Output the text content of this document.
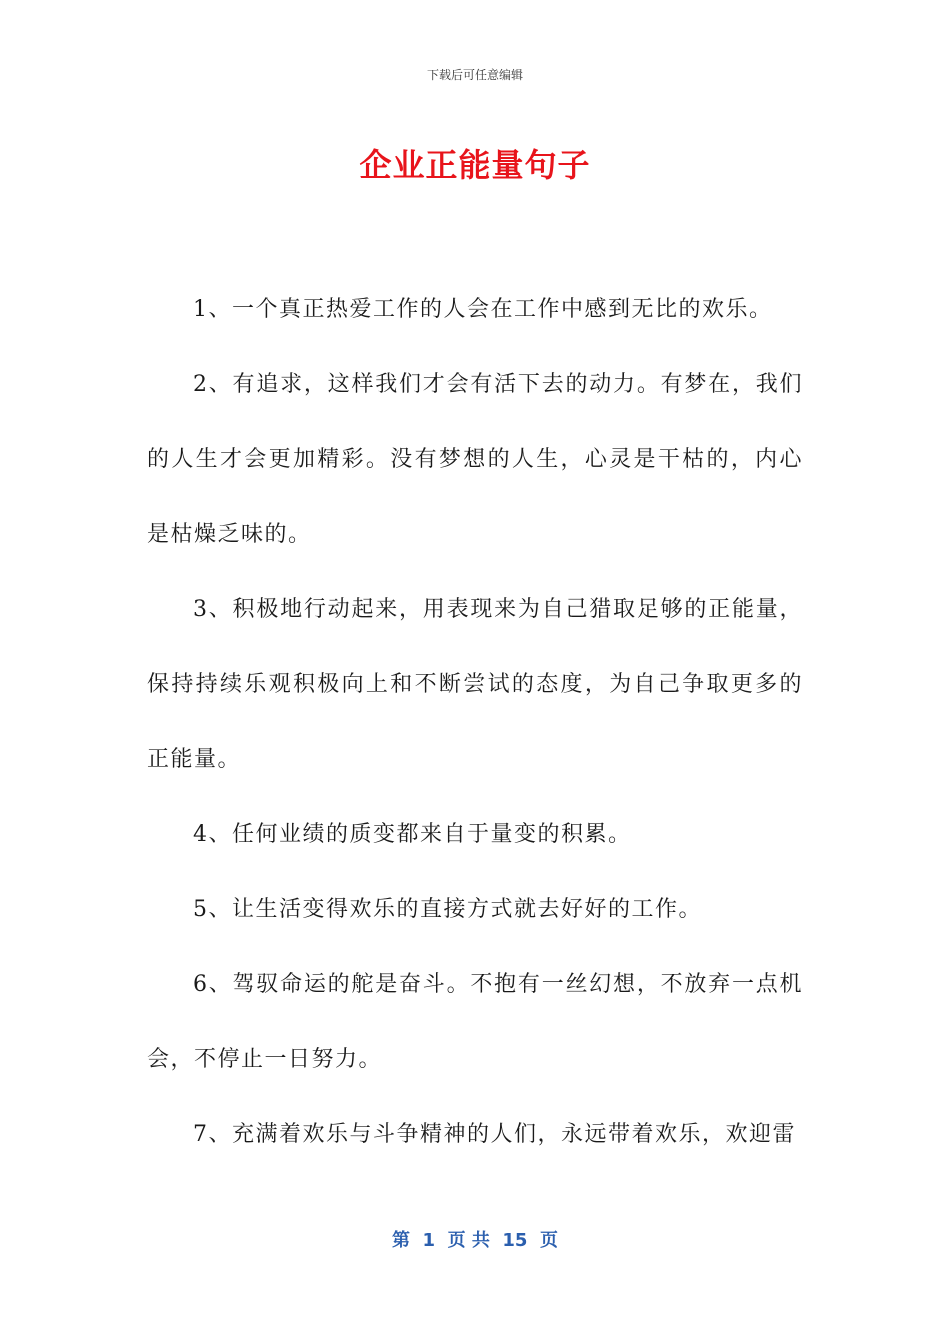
下载后可任意编辑
企业正能量句子

1、一个真正热爱工作的人会在工作中感到无比的欢乐。

2、有追求，这样我们才会有活下去的动力。有梦在，我们的人生才会更加精彩。没有梦想的人生，心灵是干枯的，内心是枯燥乏味的。

3、积极地行动起来，用表现来为自己猎取足够的正能量，保持持续乐观积极向上和不断尝试的态度，为自己争取更多的正能量。

4、任何业绩的质变都来自于量变的积累。

5、让生活变得欢乐的直接方式就去好好的工作。

6、驾驭命运的舵是奋斗。不抱有一丝幻想，不放弃一点机会，不停止一日努力。

7、充满着欢乐与斗争精神的人们，永远带着欢乐，欢迎雷

第  1  页 共  15  页
